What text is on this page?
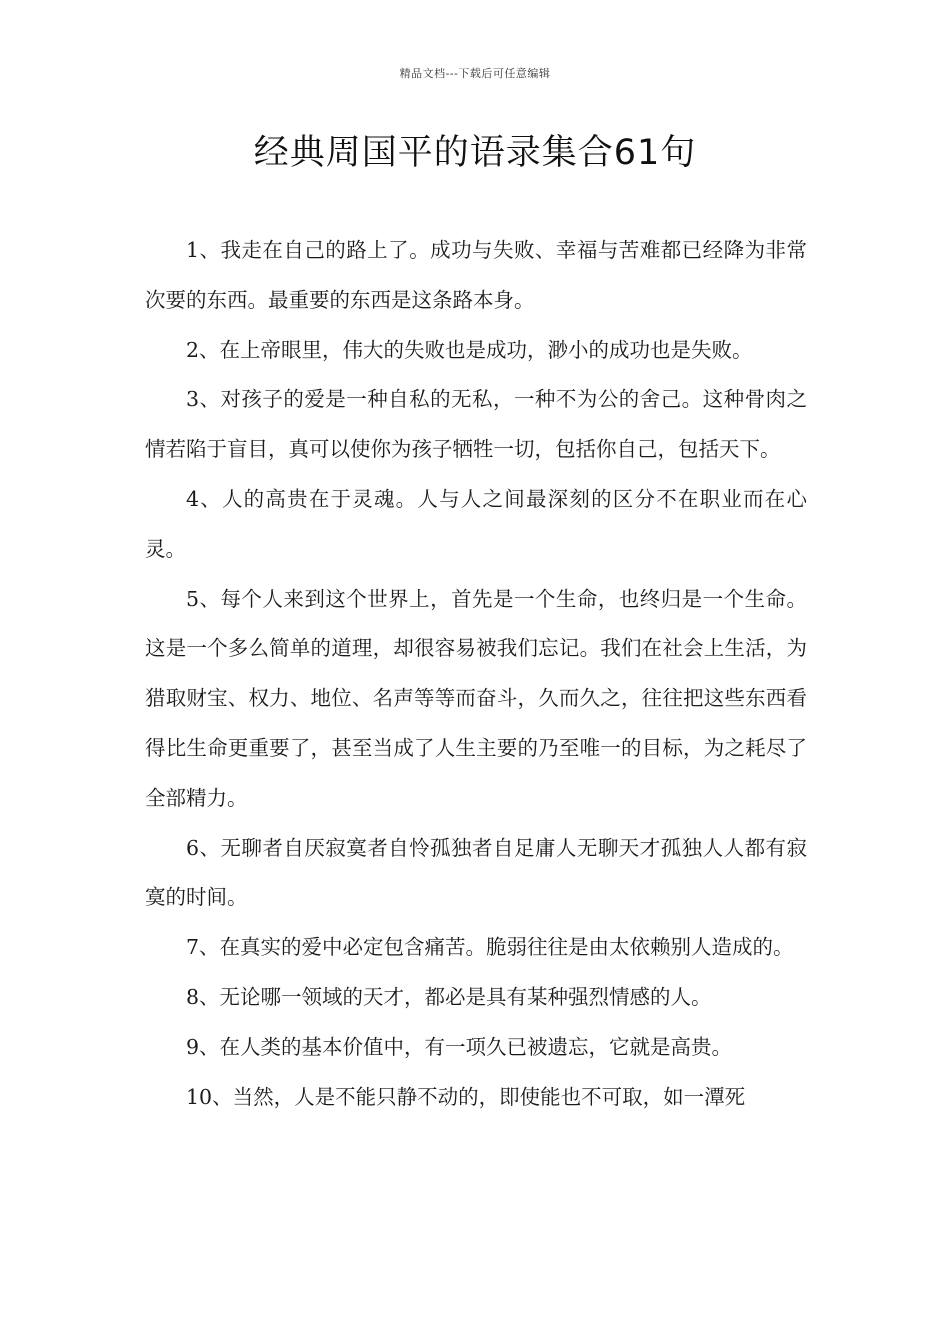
精品文档---下载后可任意编辑
经典周国平的语录集合61句

1、我走在自己的路上了。成功与失败、幸福与苦难都已经降为非常次要的东西。最重要的东西是这条路本身。

2、在上帝眼里，伟大的失败也是成功，渺小的成功也是失败。

3、对孩子的爱是一种自私的无私，一种不为公的舍己。这种骨肉之情若陷于盲目，真可以使你为孩子牺牲一切，包括你自己，包括天下。

4、人的高贵在于灵魂。人与人之间最深刻的区分不在职业而在心灵。

5、每个人来到这个世界上，首先是一个生命，也终归是一个生命。这是一个多么简单的道理，却很容易被我们忘记。我们在社会上生活，为猎取财宝、权力、地位、名声等等而奋斗，久而久之，往往把这些东西看得比生命更重要了，甚至当成了人生主要的乃至唯一的目标，为之耗尽了全部精力。

6、无聊者自厌寂寞者自怜孤独者自足庸人无聊天才孤独人人都有寂寞的时间。

7、在真实的爱中必定包含痛苦。脆弱往往是由太依赖别人造成的。

8、无论哪一领域的天才，都必是具有某种强烈情感的人。

9、在人类的基本价值中，有一项久已被遗忘，它就是高贵。

10、当然，人是不能只静不动的，即使能也不可取，如一潭死
